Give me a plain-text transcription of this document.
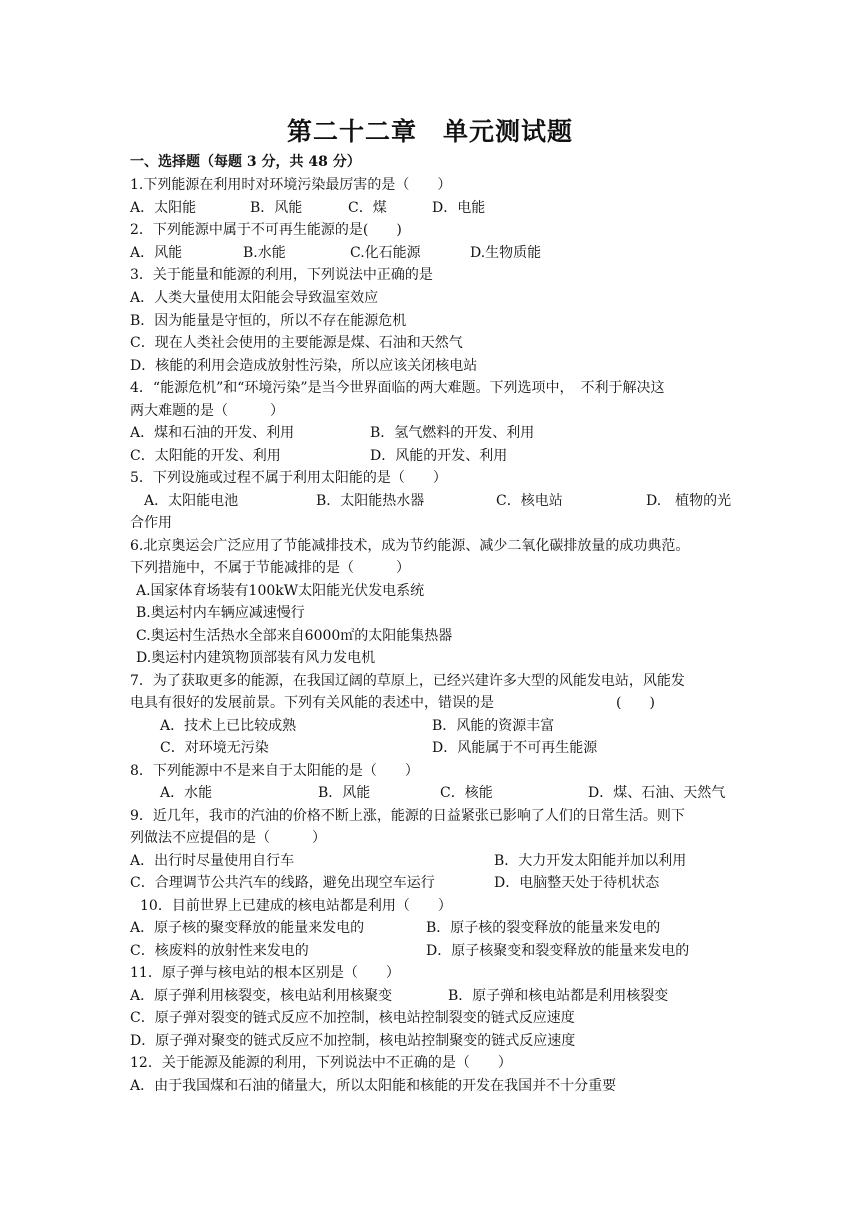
第二十二章　单元测试题
一、选择题（每题 3 分，共 48 分）
1.下列能源在利用时对环境污染最厉害的是（　　）
A．太阳能	B．风能	C．煤	D．电能
2．下列能源中属于不可再生能源的是(　　)
A．风能	B.水能	C.化石能源	D.生物质能
3．关于能量和能源的利用，下列说法中正确的是
A．人类大量使用太阳能会导致温室效应
B．因为能量是守恒的，所以不存在能源危机
C．现在人类社会使用的主要能源是煤、石油和天然气
D．核能的利用会造成放射性污染，所以应该关闭核电站
4．“能源危机”和“环境污染”是当今世界面临的两大难题。下列选项中，　不利于解决这
两大难题的是（　　　）
A．煤和石油的开发、利用	B．氢气燃料的开发、利用
C．太阳能的开发、利用	D．风能的开发、利用
5．下列设施或过程不属于利用太阳能的是（　　）
A．太阳能电池	B．太阳能热水器	C．核电站	D.　植物的光
合作用
6.北京奥运会广泛应用了节能减排技术，成为节约能源、减少二氧化碳排放量的成功典范。
下列措施中，不属于节能减排的是（　　　）
A.国家体育场装有100kW太阳能光伏发电系统
B.奥运村内车辆应减速慢行
C.奥运村生活热水全部来自6000㎡的太阳能集热器
D.奥运村内建筑物顶部装有风力发电机
7．为了获取更多的能源，在我国辽阔的草原上，已经兴建许多大型的风能发电站，风能发
电具有很好的发展前景。下列有关风能的表述中，错误的是	(　　)
A．技术上已比较成熟	B．风能的资源丰富
C．对环境无污染	D．风能属于不可再生能源
8．下列能源中不是来自于太阳能的是（　　）
A．水能	B．风能	C．核能	D．煤、石油、天然气
9．近几年，我市的汽油的价格不断上涨，能源的日益紧张已影响了人们的日常生活。则下
列做法不应提倡的是（　　　）
A．出行时尽量使用自行车	B．大力开发太阳能并加以利用
C．合理调节公共汽车的线路，避免出现空车运行	D．电脑整天处于待机状态
10．目前世界上已建成的核电站都是利用（　　）
A．原子核的聚变释放的能量来发电的	B．原子核的裂变释放的能量来发电的
C．核废料的放射性来发电的	D．原子核聚变和裂变释放的能量来发电的
11．原子弹与核电站的根本区别是（　　）
A．原子弹利用核裂变，核电站利用核聚变	B．原子弹和核电站都是利用核裂变
C．原子弹对裂变的链式反应不加控制，核电站控制裂变的链式反应速度
D．原子弹对聚变的链式反应不加控制，核电站控制聚变的链式反应速度
12．关于能源及能源的利用，下列说法中不正确的是（　　）
A．由于我国煤和石油的储量大，所以太阳能和核能的开发在我国并不十分重要
